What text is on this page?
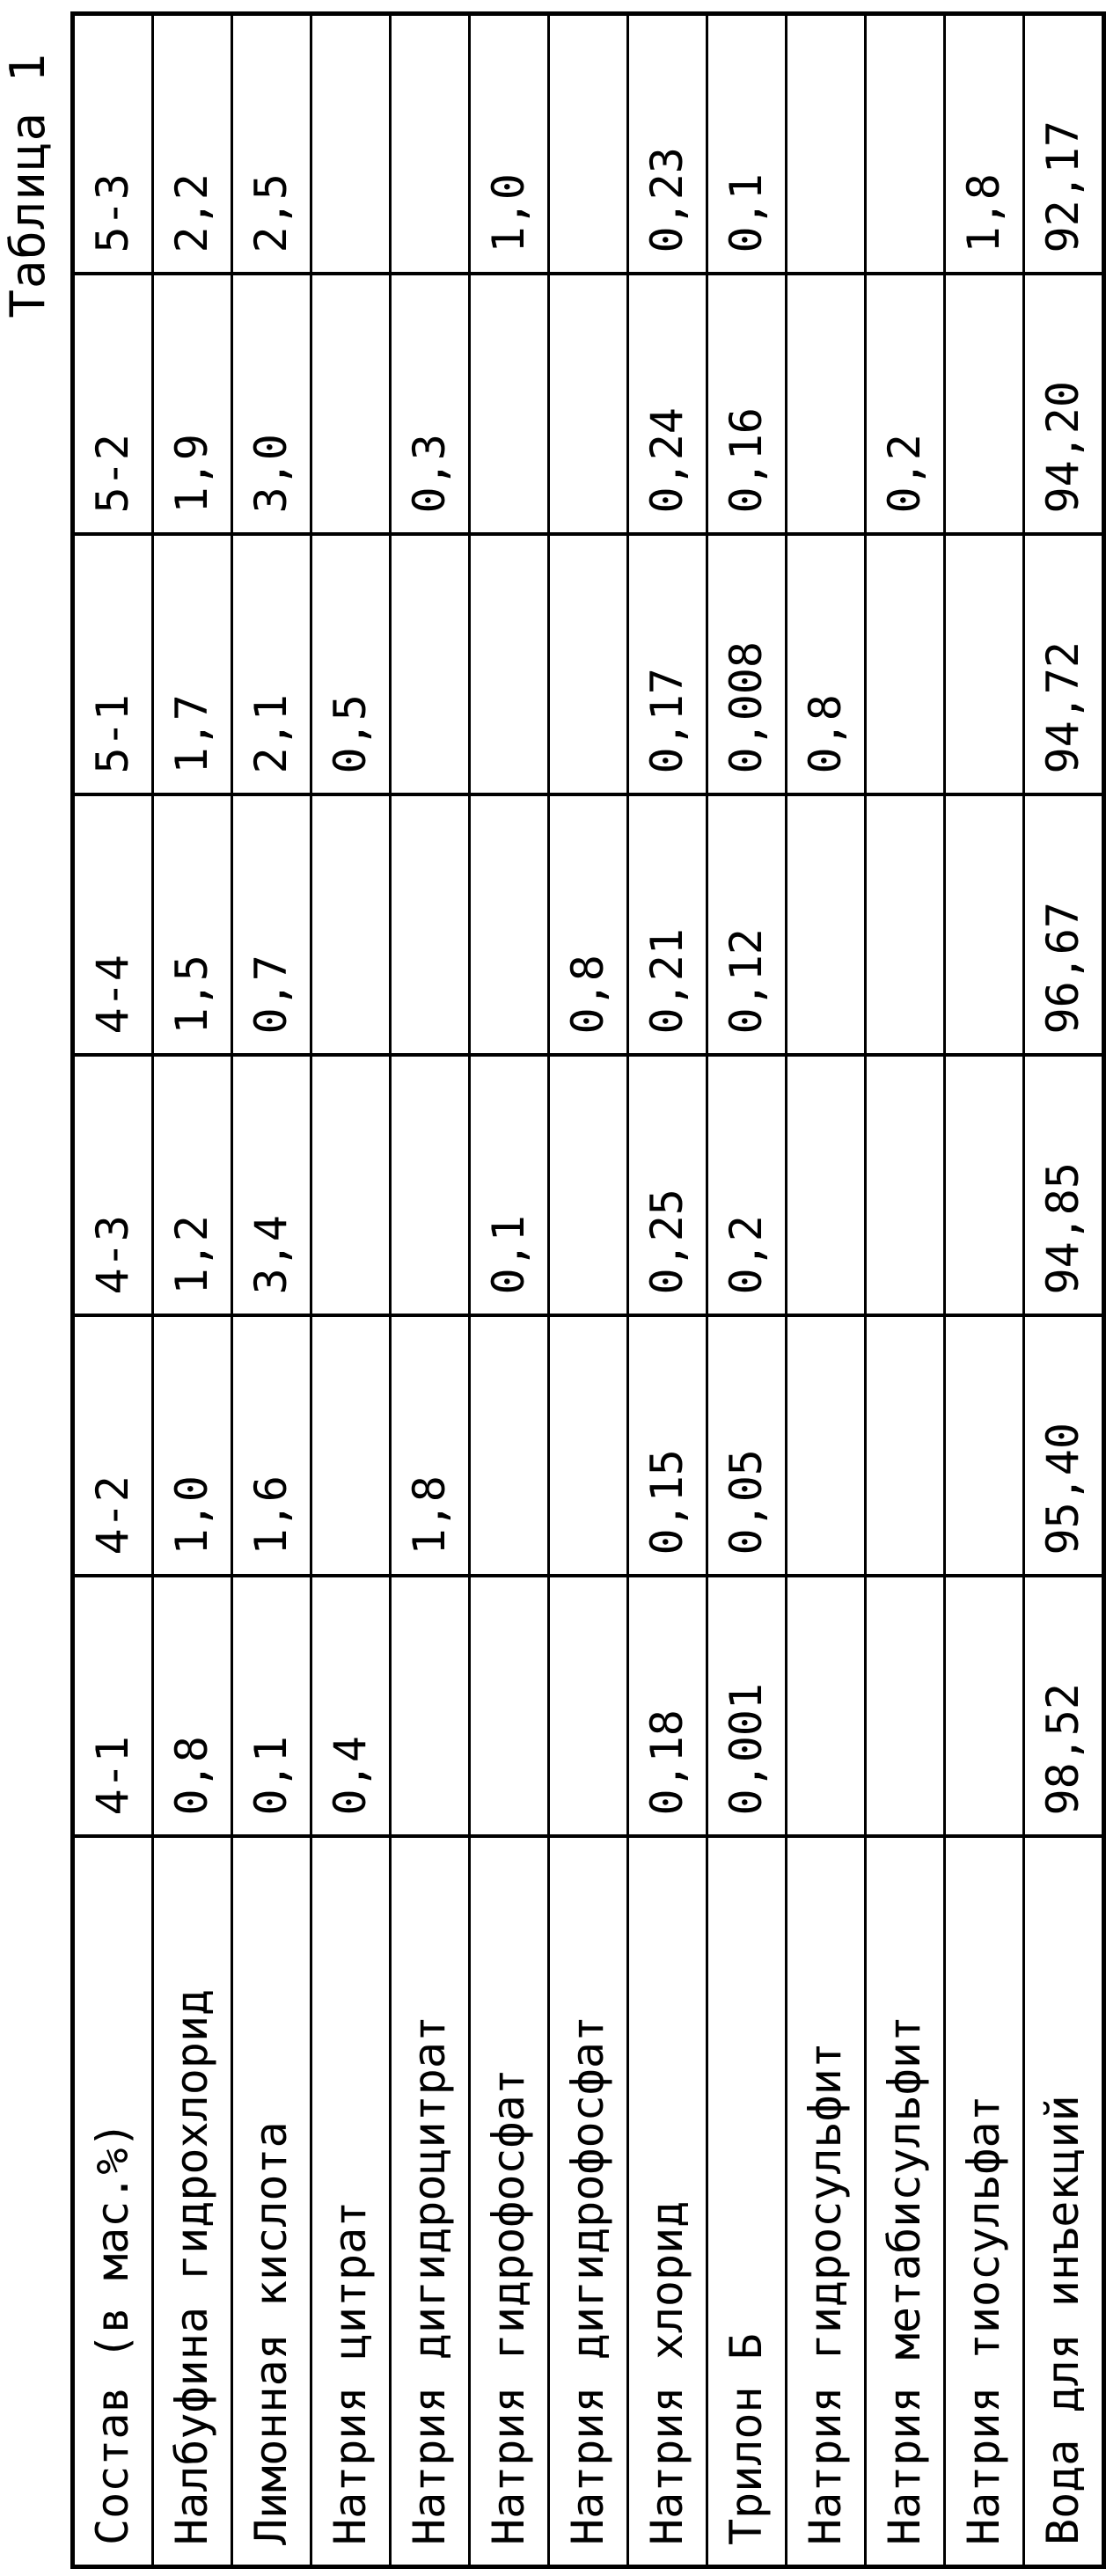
Таблица 1
Состав (в мас.%)	4-1	4-2	4-3	4-4	5-1	5-2	5-3
Налбуфина гидрохлорид	0,8	1,0	1,2	1,5	1,7	1,9	2,2
Лимонная кислота	0,1	1,6	3,4	0,7	2,1	3,0	2,5
Натрия цитрат	0,4				0,5		
Натрия дигидроцитрат		1,8				0,3	
Натрия гидрофосфат			0,1				1,0
Натрия дигидрофосфат				0,8			
Натрия хлорид	0,18	0,15	0,25	0,21	0,17	0,24	0,23
Трилон Б	0,001	0,05	0,2	0,12	0,008	0,16	0,1
Натрия гидросульфит					0,8		
Натрия метабисульфит						0,2	
Натрия тиосульфат							1,8
Вода для инъекций	98,52	95,40	94,85	96,67	94,72	94,20	92,17
